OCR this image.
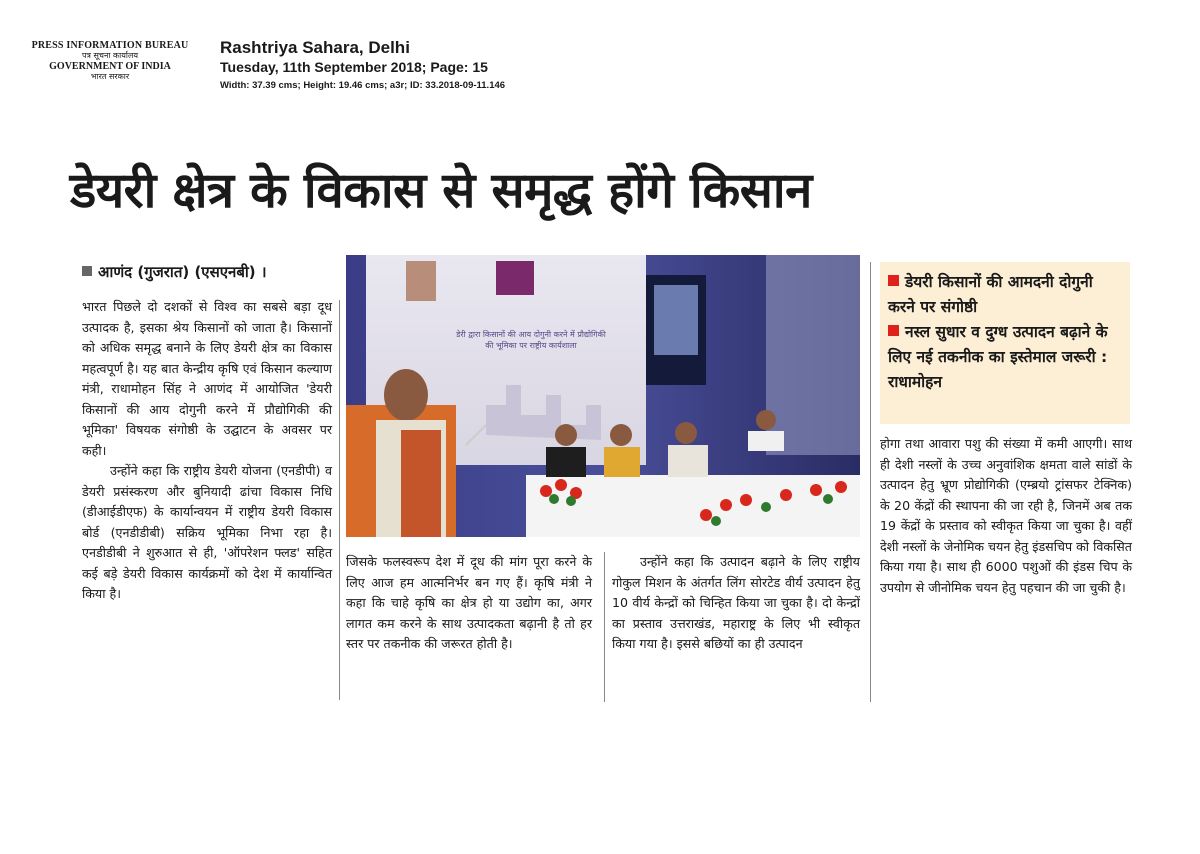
PRESS INFORMATION BUREAU
पत्र सूचना कार्यालय
GOVERNMENT OF INDIA
भारत सरकार
Rashtriya Sahara, Delhi
Tuesday, 11th September 2018; Page: 15
Width: 37.39 cms; Height: 19.46 cms; a3r; ID: 33.2018-09-11.146
डेयरी क्षेत्र के विकास से समृद्ध होंगे किसान
आणंद (गुजरात) (एसएनबी) ।

भारत पिछले दो दशकों से विश्व का सबसे बड़ा दूध उत्पादक है, इसका श्रेय किसानों को जाता है। किसानों को अधिक समृद्ध बनाने के लिए डेयरी क्षेत्र का विकास महत्वपूर्ण है। यह बात केन्द्रीय कृषि एवं किसान कल्याण मंत्री, राधामोहन सिंह ने आणंद में आयोजित 'डेयरी किसानों की आय दोगुनी करने में प्रौद्योगिकी की भूमिका' विषयक संगोष्ठी के उद्घाटन के अवसर पर कही।

उन्होंने कहा कि राष्ट्रीय डेयरी योजना (एनडीपी) व डेयरी प्रसंस्करण और बुनियादी ढांचा विकास निधि (डीआईडीएफ) के कार्यान्वयन में राष्ट्रीय डेयरी विकास बोर्ड (एनडीडीबी) सक्रिय भूमिका निभा रहा है। एनडीडीबी ने शुरुआत से ही, 'ऑपरेशन फ्लड' सहित कई बड़े डेयरी विकास कार्यक्रमों को देश में कार्यान्वित किया है।

डेरी द्वारा किसानों की आय दोगुनी करने में प्रौद्योगिकी
की भूमिका पर राष्ट्रीय कार्यशाला

जिसके फलस्वरूप देश में दूध की मांग पूरा करने के लिए आज हम आत्मनिर्भर बन गए हैं। कृषि मंत्री ने कहा कि चाहे कृषि का क्षेत्र हो या उद्योग का, अगर लागत कम करने के साथ उत्पादकता बढ़ानी है तो हर स्तर पर तकनीक की जरूरत होती है।

उन्होंने कहा कि उत्पादन बढ़ाने के लिए राष्ट्रीय गोकुल मिशन के अंतर्गत लिंग सोरटेड वीर्य उत्पादन हेतु 10 वीर्य केन्द्रों को चिन्हित किया जा चुका है। दो केन्द्रों का प्रस्ताव उत्तराखंड, महाराष्ट्र के लिए भी स्वीकृत किया गया है। इससे बछियों का ही उत्पादन

डेयरी किसानों की आमदनी दोगुनी करने पर संगोष्ठी
नस्ल सुधार व दुग्ध उत्पादन बढ़ाने के लिए नई तकनीक का इस्तेमाल जरूरी : राधामोहन

होगा तथा आवारा पशु की संख्या में कमी आएगी। साथ ही देशी नस्लों के उच्च अनुवांशिक क्षमता वाले सांडों के उत्पादन हेतु भ्रूण प्रोद्योगिकी (एम्ब्रयो ट्रांसफर टेक्निक) के 20 केंद्रों की स्थापना की जा रही है, जिनमें अब तक 19 केंद्रों के प्रस्ताव को स्वीकृत किया जा चुका है। वहीं देशी नस्लों के जेनोमिक चयन हेतु इंडसचिप को विकसित किया गया है। साथ ही 6000 पशुओं की इंडस चिप के उपयोग से जीनोमिक चयन हेतु पहचान की जा चुकी है।
